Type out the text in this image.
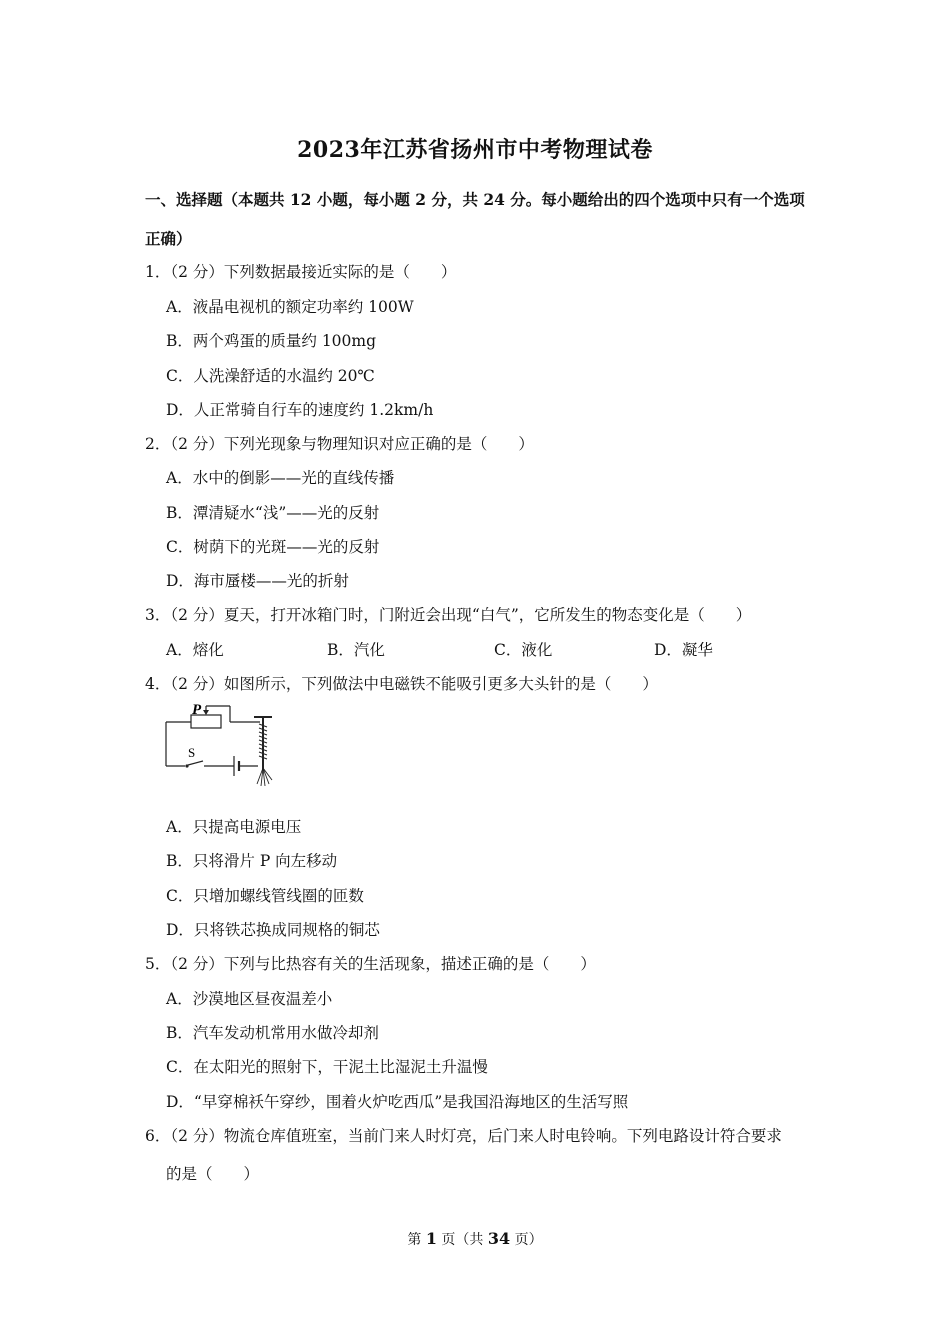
2023年江苏省扬州市中考物理试卷
一、选择题（本题共 12 小题，每小题 2 分，共 24 分。每小题给出的四个选项中只有一个选项
正确）
1．（2 分）下列数据最接近实际的是（　　）
A．液晶电视机的额定功率约 100W
B．两个鸡蛋的质量约 100mg
C．人洗澡舒适的水温约 20℃
D．人正常骑自行车的速度约 1.2km/h
2．（2 分）下列光现象与物理知识对应正确的是（　　）
A．水中的倒影——光的直线传播
B．潭清疑水“浅”——光的反射
C．树荫下的光斑——光的反射
D．海市蜃楼——光的折射
3．（2 分）夏天，打开冰箱门时，门附近会出现“白气”，它所发生的物态变化是（　　）
A．熔化	B．汽化	C．液化	D．凝华
4．（2 分）如图所示，下列做法中电磁铁不能吸引更多大头针的是（　　）
P
S
A．只提高电源电压
B．只将滑片 P 向左移动
C．只增加螺线管线圈的匝数
D．只将铁芯换成同规格的铜芯
5．（2 分）下列与比热容有关的生活现象，描述正确的是（　　）
A．沙漠地区昼夜温差小
B．汽车发动机常用水做冷却剂
C．在太阳光的照射下，干泥土比湿泥土升温慢
D．“早穿棉袄午穿纱，围着火炉吃西瓜”是我国沿海地区的生活写照
6．（2 分）物流仓库值班室，当前门来人时灯亮，后门来人时电铃响。下列电路设计符合要求
的是（　　）
第 1 页（共 34 页）
